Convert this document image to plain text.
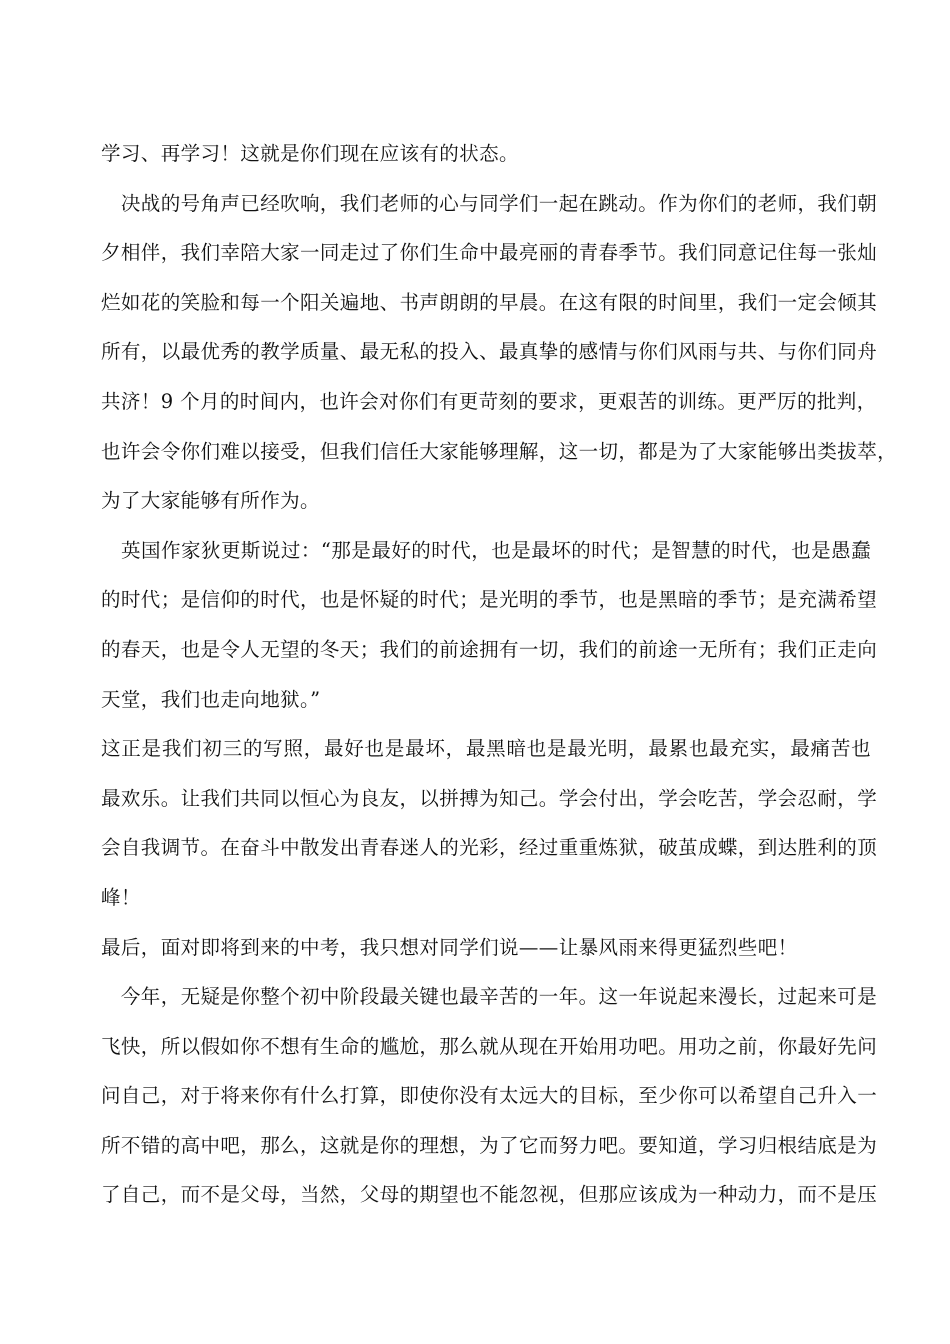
学习、再学习！这就是你们现在应该有的状态。
　决战的号角声已经吹响，我们老师的心与同学们一起在跳动。作为你们的老师，我们朝
夕相伴，我们幸陪大家一同走过了你们生命中最亮丽的青春季节。我们同意记住每一张灿
烂如花的笑脸和每一个阳关遍地、书声朗朗的早晨。在这有限的时间里，我们一定会倾其
所有，以最优秀的教学质量、最无私的投入、最真挚的感情与你们风雨与共、与你们同舟
共济！9 个月的时间内，也许会对你们有更苛刻的要求，更艰苦的训练。更严厉的批判，
也许会令你们难以接受，但我们信任大家能够理解，这一切，都是为了大家能够出类拔萃，
为了大家能够有所作为。
　英国作家狄更斯说过：“那是最好的时代，也是最坏的时代；是智慧的时代，也是愚蠢
的时代；是信仰的时代，也是怀疑的时代；是光明的季节，也是黑暗的季节；是充满希望
的春天，也是令人无望的冬天；我们的前途拥有一切，我们的前途一无所有；我们正走向
天堂，我们也走向地狱。”
这正是我们初三的写照，最好也是最坏，最黑暗也是最光明，最累也最充实，最痛苦也
最欢乐。让我们共同以恒心为良友，以拼搏为知己。学会付出，学会吃苦，学会忍耐，学
会自我调节。在奋斗中散发出青春迷人的光彩，经过重重炼狱，破茧成蝶，到达胜利的顶
峰！
最后，面对即将到来的中考，我只想对同学们说——让暴风雨来得更猛烈些吧！
　今年，无疑是你整个初中阶段最关键也最辛苦的一年。这一年说起来漫长，过起来可是
飞快，所以假如你不想有生命的尴尬，那么就从现在开始用功吧。用功之前，你最好先问
问自己，对于将来你有什么打算，即使你没有太远大的目标，至少你可以希望自己升入一
所不错的高中吧，那么，这就是你的理想，为了它而努力吧。要知道，学习归根结底是为
了自己，而不是父母，当然，父母的期望也不能忽视，但那应该成为一种动力，而不是压
